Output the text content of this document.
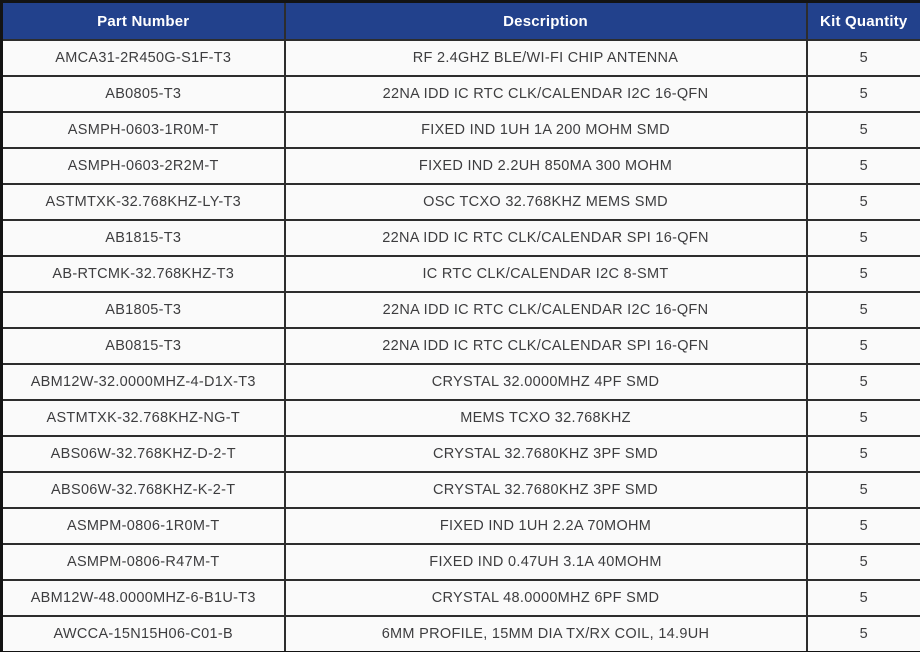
Part Number	Description	Kit Quantity
AMCA31-2R450G-S1F-T3	RF 2.4GHZ BLE/WI-FI CHIP ANTENNA	5
AB0805-T3	22NA IDD IC RTC CLK/CALENDAR I2C 16-QFN	5
ASMPH-0603-1R0M-T	FIXED IND 1UH 1A 200 MOHM SMD	5
ASMPH-0603-2R2M-T	FIXED IND 2.2UH 850MA 300 MOHM	5
ASTMTXK-32.768KHZ-LY-T3	OSC TCXO 32.768KHZ MEMS SMD	5
AB1815-T3	22NA IDD IC RTC CLK/CALENDAR SPI 16-QFN	5
AB-RTCMK-32.768KHZ-T3	IC RTC CLK/CALENDAR I2C 8-SMT	5
AB1805-T3	22NA IDD IC RTC CLK/CALENDAR I2C 16-QFN	5
AB0815-T3	22NA IDD IC RTC CLK/CALENDAR SPI 16-QFN	5
ABM12W-32.0000MHZ-4-D1X-T3	CRYSTAL 32.0000MHZ 4PF SMD	5
ASTMTXK-32.768KHZ-NG-T	MEMS TCXO 32.768KHZ	5
ABS06W-32.768KHZ-D-2-T	CRYSTAL 32.7680KHZ 3PF SMD	5
ABS06W-32.768KHZ-K-2-T	CRYSTAL 32.7680KHZ 3PF SMD	5
ASMPM-0806-1R0M-T	FIXED IND 1UH 2.2A 70MOHM	5
ASMPM-0806-R47M-T	FIXED IND 0.47UH 3.1A 40MOHM	5
ABM12W-48.0000MHZ-6-B1U-T3	CRYSTAL 48.0000MHZ 6PF SMD	5
AWCCA-15N15H06-C01-B	6MM PROFILE, 15MM DIA TX/RX COIL, 14.9UH	5
